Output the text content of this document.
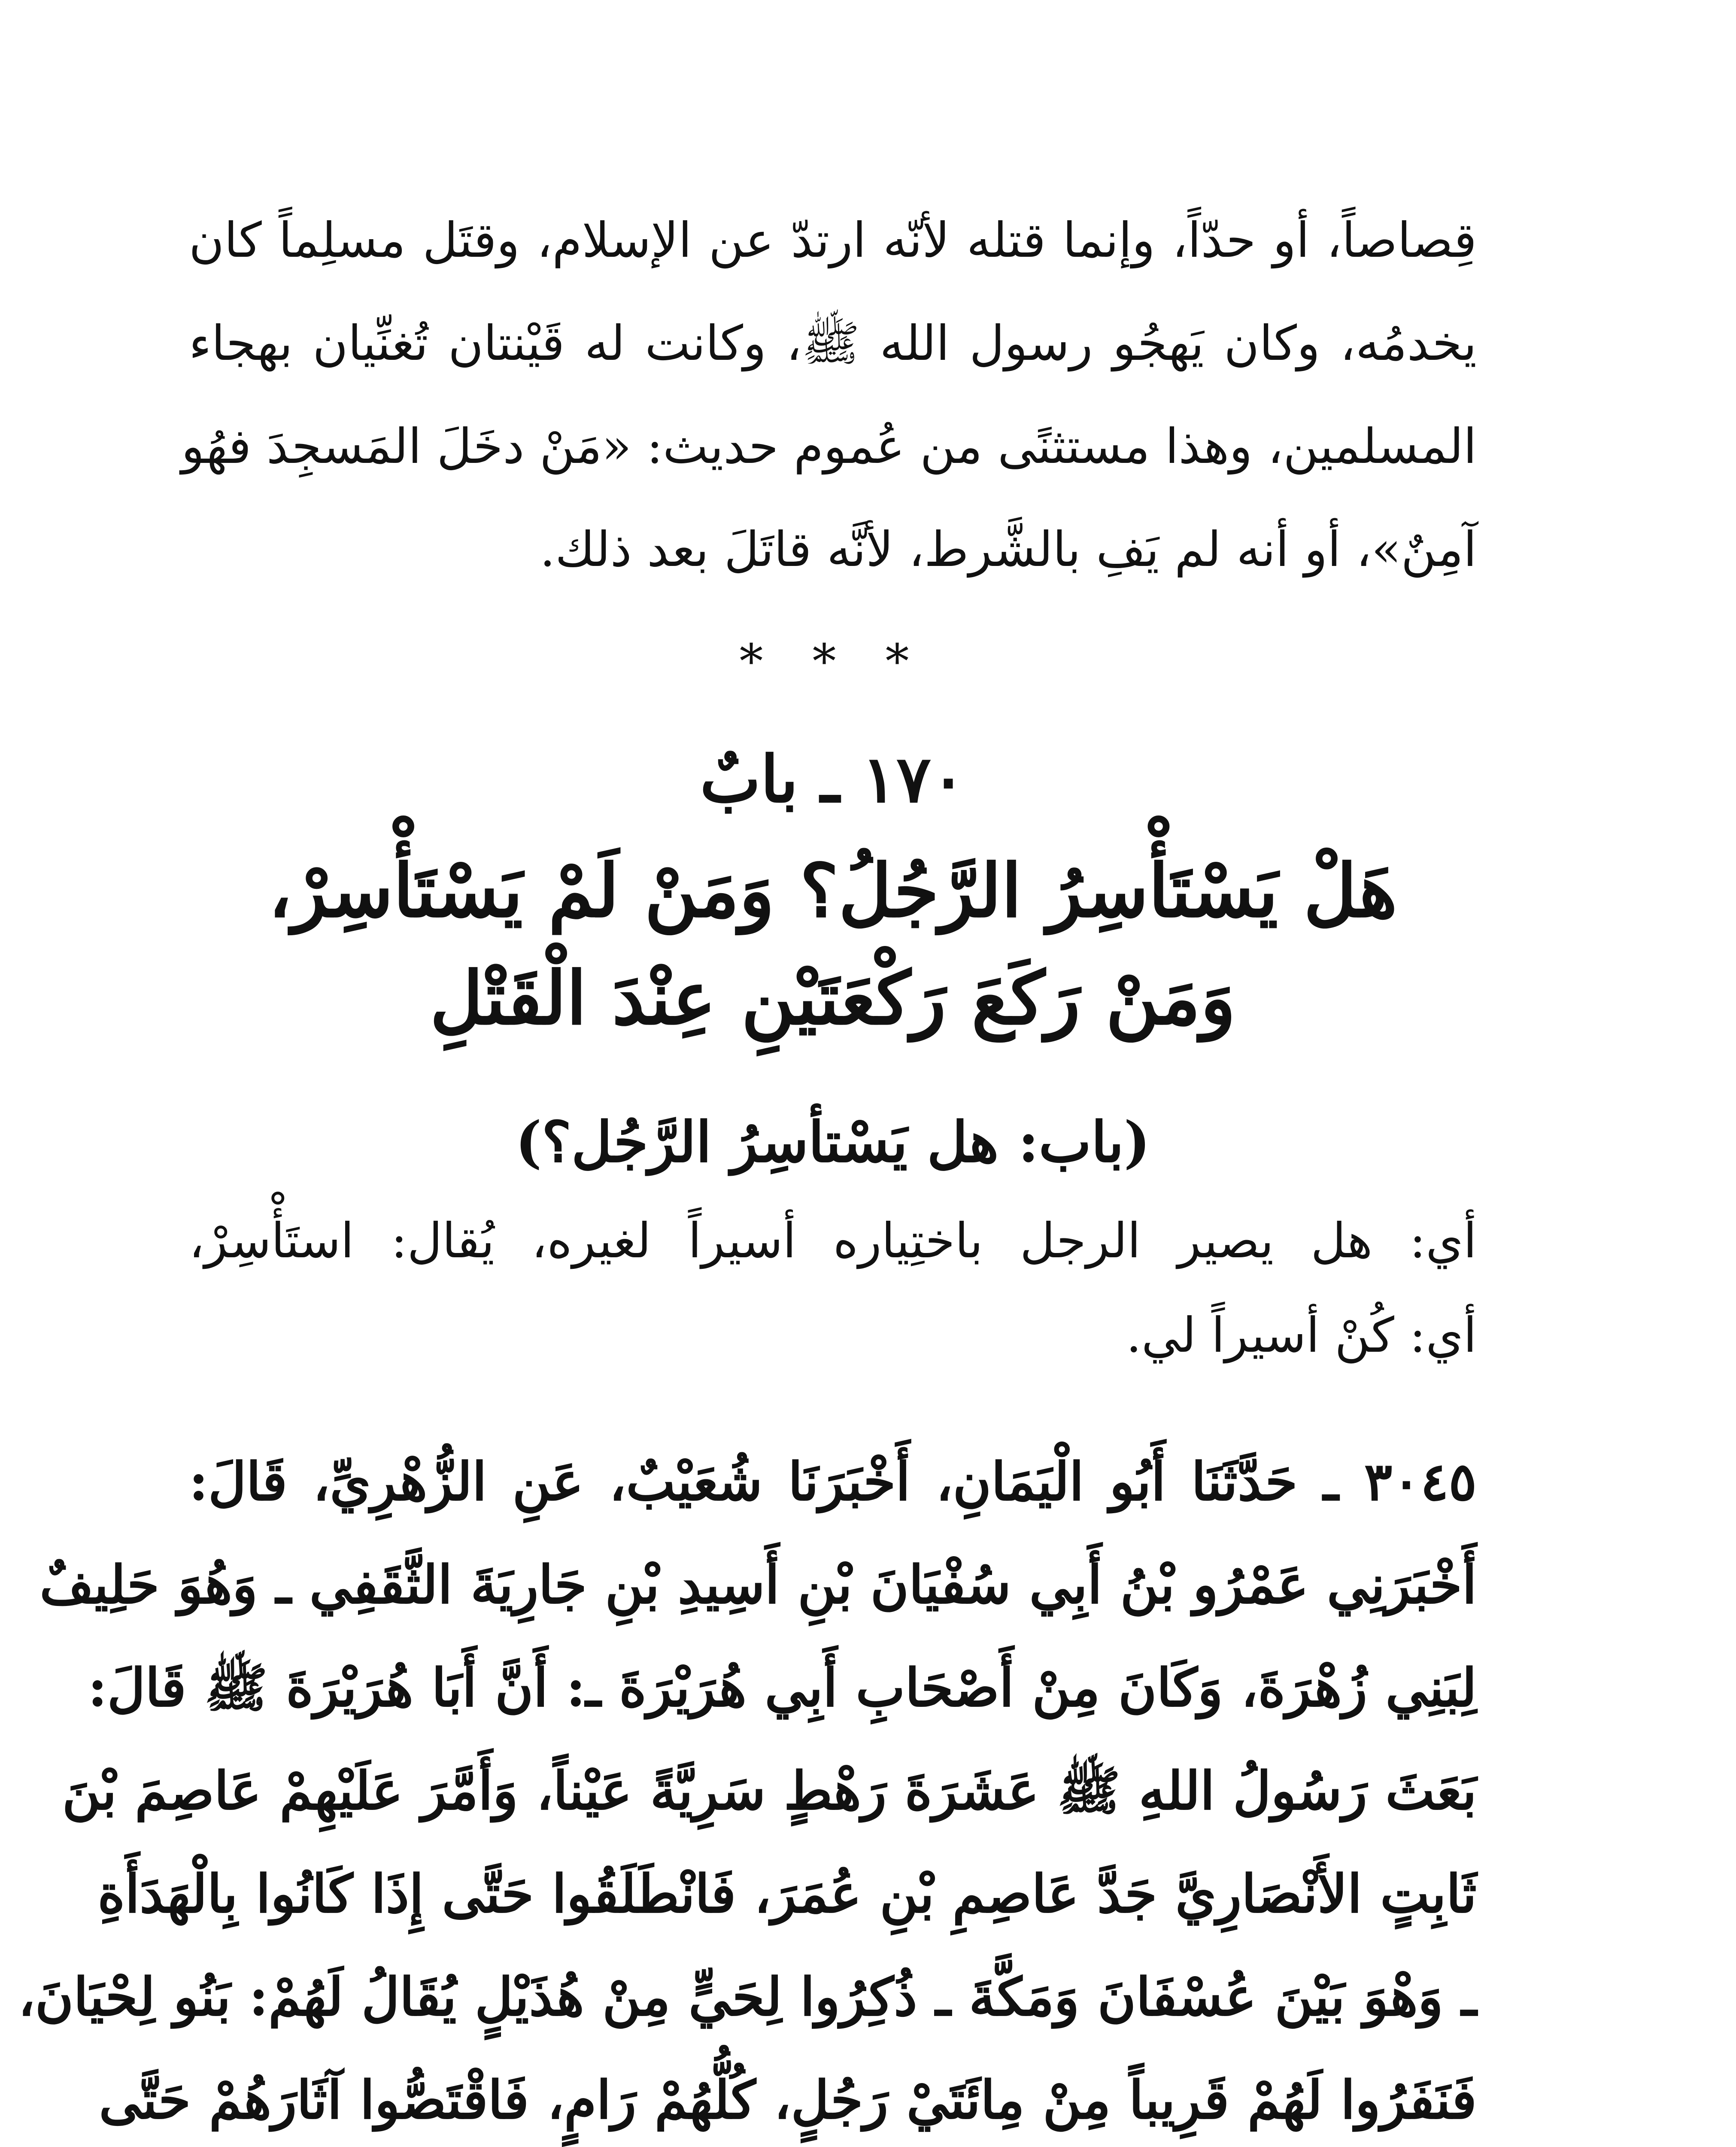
قِصاصاً، أو حدّاً، وإنما قتله لأنّه ارتدّ عن الإسلام، وقتَل مسلِماً كان
يخدمُه، وكان يَهجُو رسول الله ﷺ، وكانت له قَيْنتان تُغنِّيان بهجاء
المسلمين، وهذا مستثنًى من عُموم حديث: «مَنْ دخَلَ المَسجِدَ فهُو
آمِنٌ»، أو أنه لم يَفِ بالشَّرط، لأنَّه قاتَلَ بعد ذلك.
* * *
١٧٠ ـ بابٌ
هَلْ يَسْتَأْسِرُ الرَّجُلُ؟ وَمَنْ لَمْ يَسْتَأْسِرْ،
وَمَنْ رَكَعَ رَكْعَتَيْنِ عِنْدَ الْقَتْلِ
(باب: هل يَسْتأسِرُ الرَّجُل؟)
أي: هل يصير الرجل باختِياره أسيراً لغيره، يُقال: استَأْسِرْ،
أي: كُنْ أسيراً لي.
٣٠٤٥ ـ حَدَّثَنَا أَبُو الْيَمَانِ، أَخْبَرَنَا شُعَيْبٌ، عَنِ الزُّهْرِيِّ، قَالَ:
أَخْبَرَنِي عَمْرُو بْنُ أَبِي سُفْيَانَ بْنِ أَسِيدِ بْنِ جَارِيَةَ الثَّقَفِي ـ وَهُوَ حَلِيفٌ
لِبَنِي زُهْرَةَ، وَكَانَ مِنْ أَصْحَابِ أَبِي هُرَيْرَةَ ـ: أَنَّ أَبَا هُرَيْرَةَ ﷺ قَالَ:
بَعَثَ رَسُولُ اللهِ ﷺ عَشَرَةَ رَهْطٍ سَرِيَّةً عَيْناً، وَأَمَّرَ عَلَيْهِمْ عَاصِمَ بْنَ
ثَابِتٍ الأَنْصَارِيَّ جَدَّ عَاصِمِ بْنِ عُمَرَ، فَانْطَلَقُوا حَتَّى إِذَا كَانُوا بِالْهَدَأَةِ
ـ وَهْوَ بَيْنَ عُسْفَانَ وَمَكَّةَ ـ ذُكِرُوا لِحَيٍّ مِنْ هُذَيْلٍ يُقَالُ لَهُمْ: بَنُو لِحْيَانَ،
فَنَفَرُوا لَهُمْ قَرِيباً مِنْ مِائَتَيْ رَجُلٍ، كُلُّهُمْ رَامٍ، فَاقْتَصُّوا آثَارَهُمْ حَتَّى
